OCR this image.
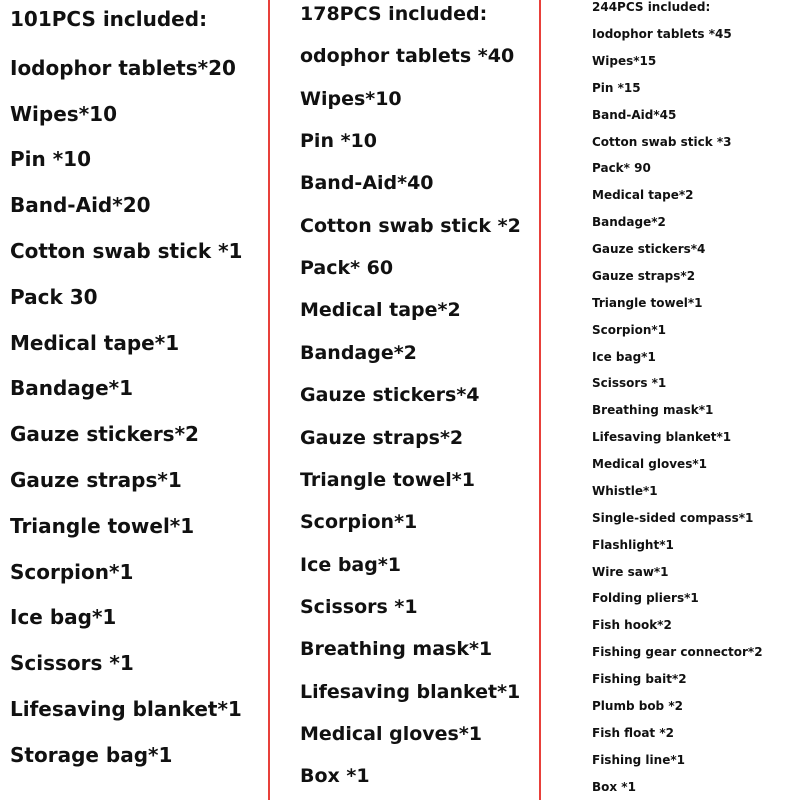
101PCS included:
Iodophor tablets*20
Wipes*10
Pin *10
Band-Aid*20
Cotton swab stick *1
Pack 30
Medical tape*1
Bandage*1
Gauze stickers*2
Gauze straps*1
Triangle towel*1
Scorpion*1
Ice bag*1
Scissors *1
Lifesaving blanket*1
Storage bag*1
178PCS included:
odophor tablets *40
Wipes*10
Pin *10
Band-Aid*40
Cotton swab stick *2
Pack* 60
Medical tape*2
Bandage*2
Gauze stickers*4
Gauze straps*2
Triangle towel*1
Scorpion*1
Ice bag*1
Scissors *1
Breathing mask*1
Lifesaving blanket*1
Medical gloves*1
Box *1
244PCS included:
Iodophor tablets *45
Wipes*15
Pin *15
Band-Aid*45
Cotton swab stick *3
Pack* 90
Medical tape*2
Bandage*2
Gauze stickers*4
Gauze straps*2
Triangle towel*1
Scorpion*1
Ice bag*1
Scissors *1
Breathing mask*1
Lifesaving blanket*1
Medical gloves*1
Whistle*1
Single-sided compass*1
Flashlight*1
Wire saw*1
Folding pliers*1
Fish hook*2
Fishing gear connector*2
Fishing bait*2
Plumb bob *2
Fish float *2
Fishing line*1
Box *1
